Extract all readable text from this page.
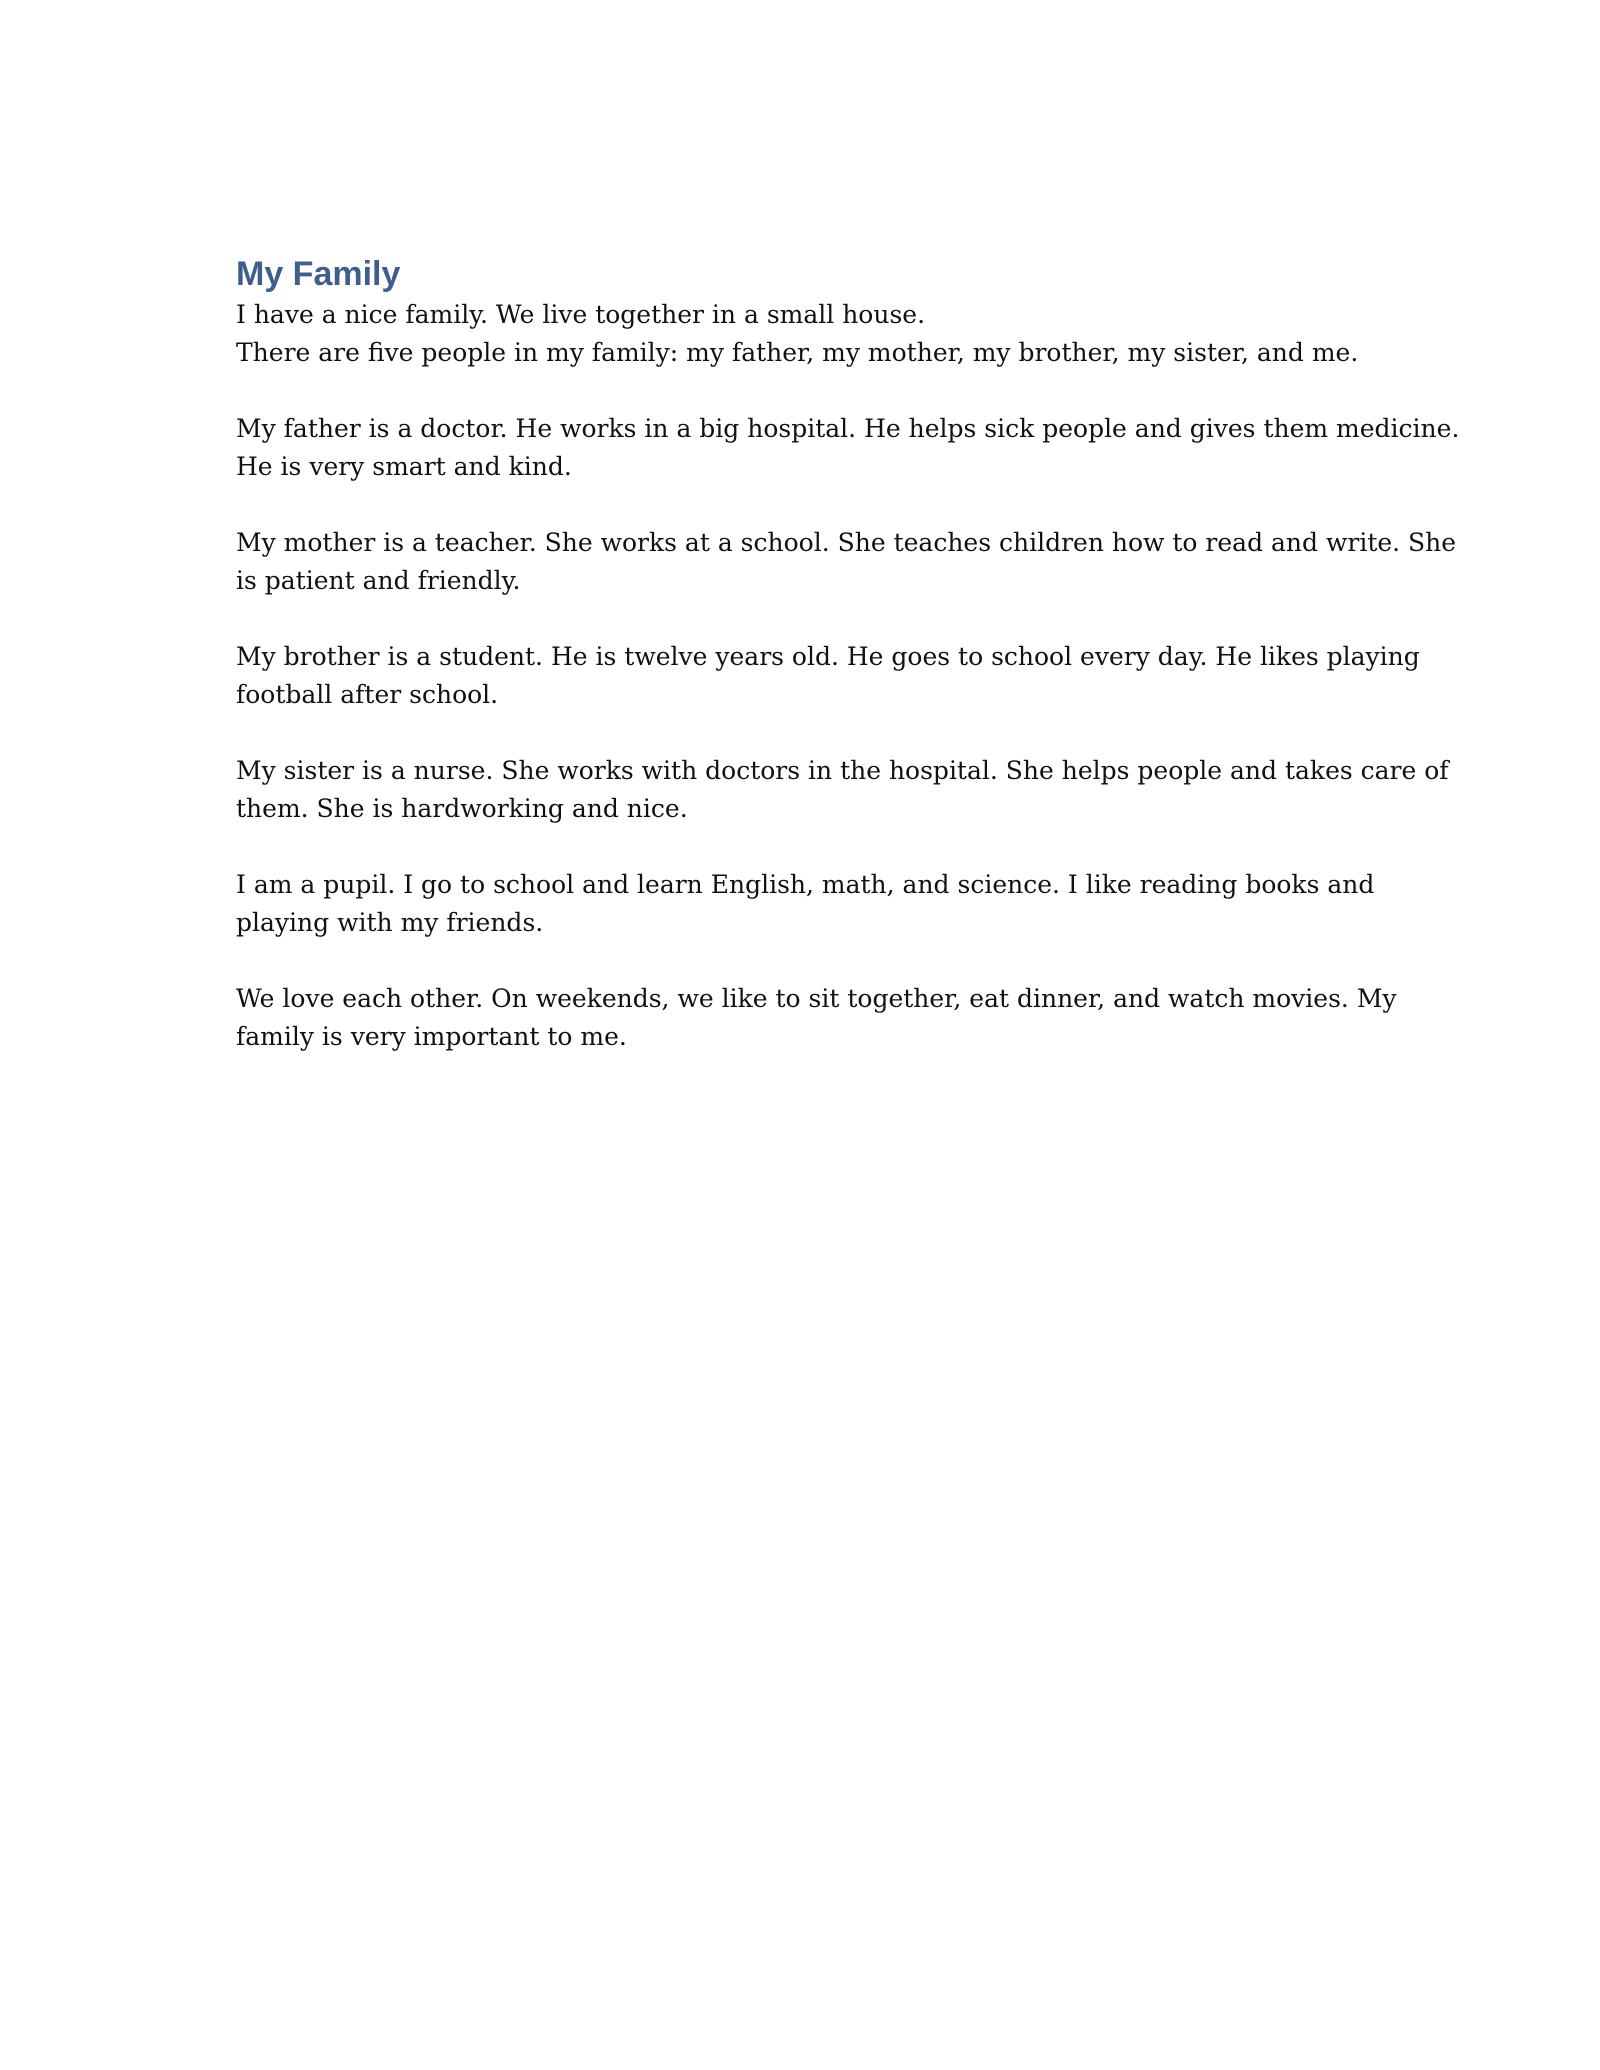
My Family

I have a nice family. We live together in a small house.
There are five people in my family: my father, my mother, my brother, my sister, and me.

My father is a doctor. He works in a big hospital. He helps sick people and gives them medicine.
He is very smart and kind.

My mother is a teacher. She works at a school. She teaches children how to read and write. She
is patient and friendly.

My brother is a student. He is twelve years old. He goes to school every day. He likes playing
football after school.

My sister is a nurse. She works with doctors in the hospital. She helps people and takes care of
them. She is hardworking and nice.

I am a pupil. I go to school and learn English, math, and science. I like reading books and
playing with my friends.

We love each other. On weekends, we like to sit together, eat dinner, and watch movies. My
family is very important to me.
